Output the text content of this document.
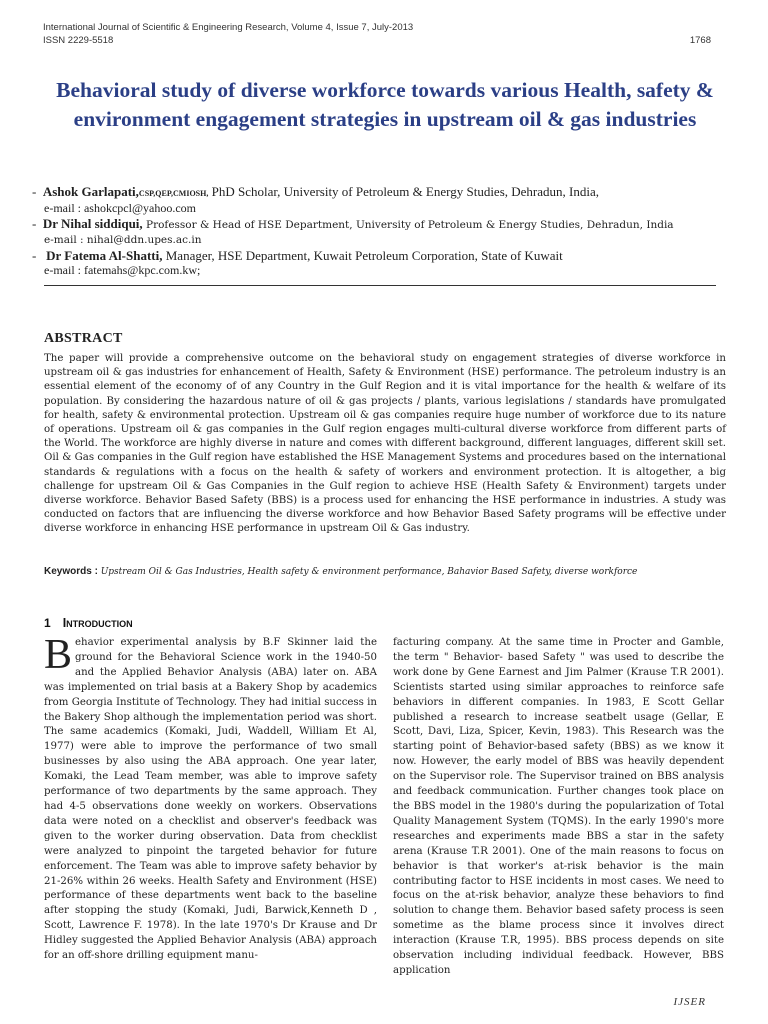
International Journal of Scientific & Engineering Research, Volume 4, Issue 7, July-2013
ISSN 2229-5518	1768
Behavioral study of diverse workforce towards various Health, safety & environment engagement strategies in upstream oil & gas industries

-  Ashok Garlapati,CSP,QEP,CMIOSH, PhD Scholar, University of Petroleum & Energy Studies, Dehradun, India,

e-mail : ashokcpcl@yahoo.com

-  Dr Nihal siddiqui, Professor & Head of HSE Department, University of Petroleum & Energy Studies, Dehradun, India

e-mail : nihal@ddn.upes.ac.in

-   Dr Fatema Al-Shatti, Manager, HSE Department, Kuwait Petroleum Corporation, State of Kuwait

e-mail : fatemahs@kpc.com.kw;

ABSTRACT

The paper will provide a comprehensive outcome on the behavioral study on engagement strategies of diverse workforce in upstream oil & gas industries for enhancement of Health, Safety & Environment (HSE) performance. The petroleum industry is an essential element of the economy of of any Country in the Gulf Region and it is vital importance for the health & welfare of its population. By considering the hazardous nature of oil & gas projects / plants, various legislations / standards have promulgated for health, safety & environmental protection. Upstream oil & gas companies require huge number of workforce due to its nature of operations. Upstream oil & gas companies in the Gulf region engages multi-cultural diverse workforce from different parts of the World. The workforce are highly diverse in nature and comes with different background, different languages, different skill set. Oil & Gas companies in the Gulf region have established the HSE Management Systems and procedures based on the international standards & regulations with a focus on the health & safety of workers and environment protection. It is altogether, a big challenge for upstream Oil & Gas Companies in the Gulf region to achieve HSE (Health Safety & Environment) targets under diverse workforce. Behavior Based Safety (BBS) is a process used for enhancing the HSE performance in industries. A study was conducted on factors that are influencing the diverse workforce and how Behavior Based Safety programs will be effective under diverse workforce in enhancing HSE performance in upstream Oil & Gas industry.

Keywords : Upstream Oil & Gas Industries, Health safety & environment performance, Bahavior Based Safety, diverse workforce

1 Introduction

Behavior experimental analysis by B.F Skinner laid the ground for the Behavioral Science work in the 1940-50 and the Applied Behavior Analysis (ABA) later on. ABA was implemented on trial basis at a Bakery Shop by academics from Georgia Institute of Technology. They had initial success in the Bakery Shop although the implementation period was short. The same academics (Komaki, Judi, Waddell, William Et Al, 1977) were able to improve the performance of two small businesses by also using the ABA approach. One year later, Komaki, the Lead Team member, was able to improve safety performance of two departments by the same approach. They had 4-5 observations done weekly on workers. Observations data were noted on a checklist and observer's feedback was given to the worker during observation. Data from checklist were analyzed to pinpoint the targeted behavior for future enforcement. The Team was able to improve safety behavior by 21-26% within 26 weeks. Health Safety and Environment (HSE) performance of these departments went back to the baseline after stopping the study (Komaki, Judi, Barwick,Kenneth D , Scott, Lawrence F. 1978). In the late 1970's Dr Krause and Dr Hidley suggested the Applied Behavior Analysis (ABA) approach for an off-shore drilling equipment manu-

facturing company. At the same time in Procter and Gamble, the term " Behavior- based Safety " was used to describe the work done by Gene Earnest and Jim Palmer (Krause T.R 2001). Scientists started using similar approaches to reinforce safe behaviors in different companies. In 1983, E Scott Gellar published a research to increase seatbelt usage (Gellar, E Scott, Davi, Liza, Spicer, Kevin, 1983). This Research was the starting point of Behavior-based safety (BBS) as we know it now. However, the early model of BBS was heavily dependent on the Supervisor role. The Supervisor trained on BBS analysis and feedback communication. Further changes took place on the BBS model in the 1980's during the popularization of Total Quality Management System (TQMS). In the early 1990's more researches and experiments made BBS a star in the safety arena (Krause T.R 2001). One of the main reasons to focus on behavior is that worker's at-risk behavior is the main contributing factor to HSE incidents in most cases. We need to focus on the at-risk behavior, analyze these behaviors to find solution to change them. Behavior based safety process is seen sometime as the blame process since it involves direct interaction (Krause T.R, 1995). BBS process depends on site observation including individual feedback. However, BBS application

IJSER
